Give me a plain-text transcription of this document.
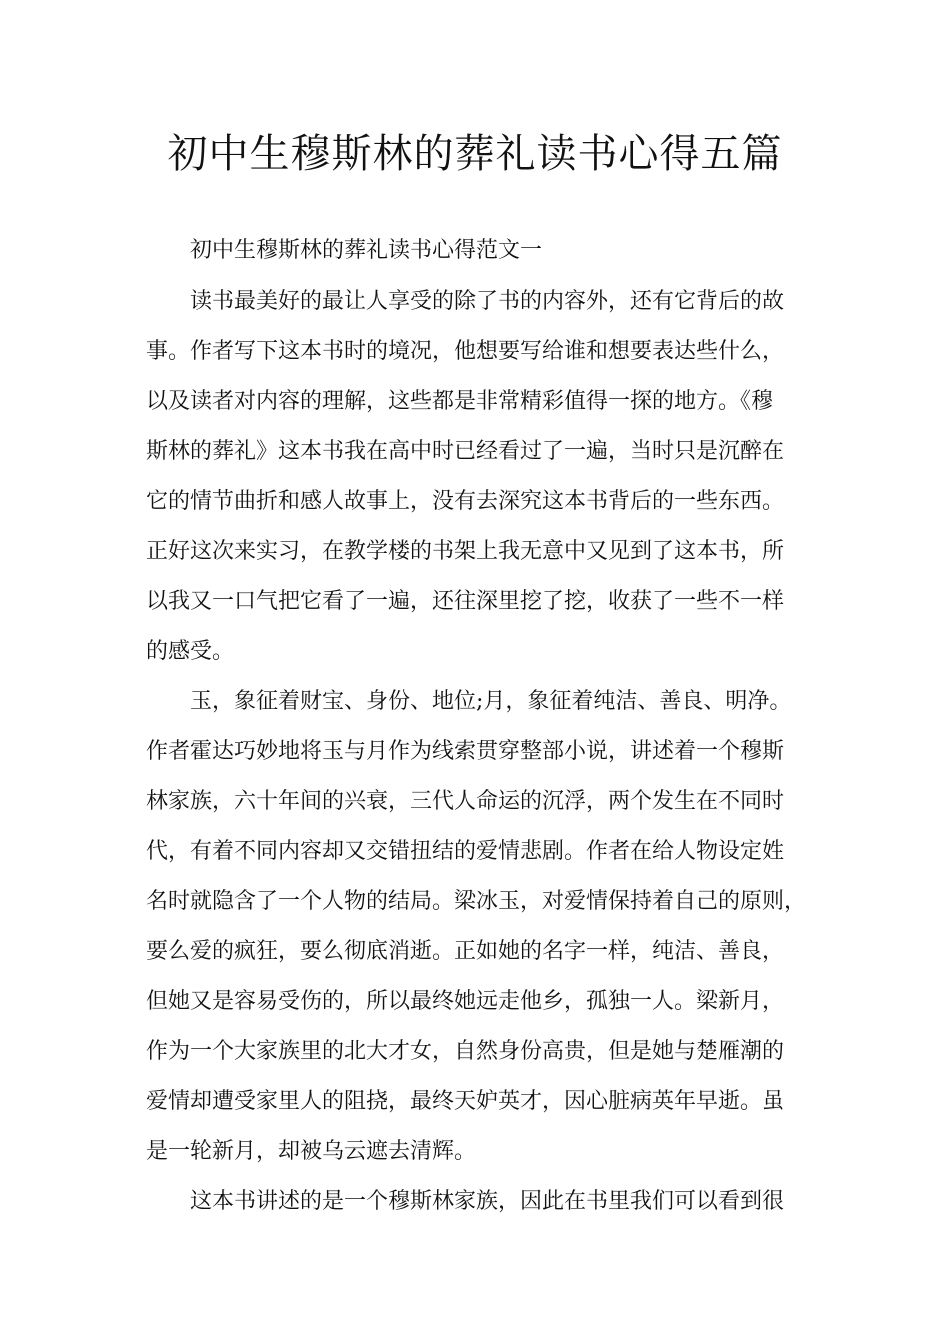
初中生穆斯林的葬礼读书心得五篇

初中生穆斯林的葬礼读书心得范文一

读书最美好的最让人享受的除了书的内容外，还有它背后的故
事。作者写下这本书时的境况，他想要写给谁和想要表达些什么，
以及读者对内容的理解，这些都是非常精彩值得一探的地方。《穆
斯林的葬礼》这本书我在高中时已经看过了一遍，当时只是沉醉在
它的情节曲折和感人故事上，没有去深究这本书背后的一些东西。
正好这次来实习，在教学楼的书架上我无意中又见到了这本书，所
以我又一口气把它看了一遍，还往深里挖了挖，收获了一些不一样
的感受。
玉，象征着财宝、身份、地位;月，象征着纯洁、善良、明净。
作者霍达巧妙地将玉与月作为线索贯穿整部小说，讲述着一个穆斯
林家族，六十年间的兴衰，三代人命运的沉浮，两个发生在不同时
代，有着不同内容却又交错扭结的爱情悲剧。作者在给人物设定姓
名时就隐含了一个人物的结局。梁冰玉，对爱情保持着自己的原则，
要么爱的疯狂，要么彻底消逝。正如她的名字一样，纯洁、善良，
但她又是容易受伤的，所以最终她远走他乡，孤独一人。梁新月，
作为一个大家族里的北大才女，自然身份高贵，但是她与楚雁潮的
爱情却遭受家里人的阻挠，最终天妒英才，因心脏病英年早逝。虽
是一轮新月，却被乌云遮去清辉。
这本书讲述的是一个穆斯林家族，因此在书里我们可以看到很
